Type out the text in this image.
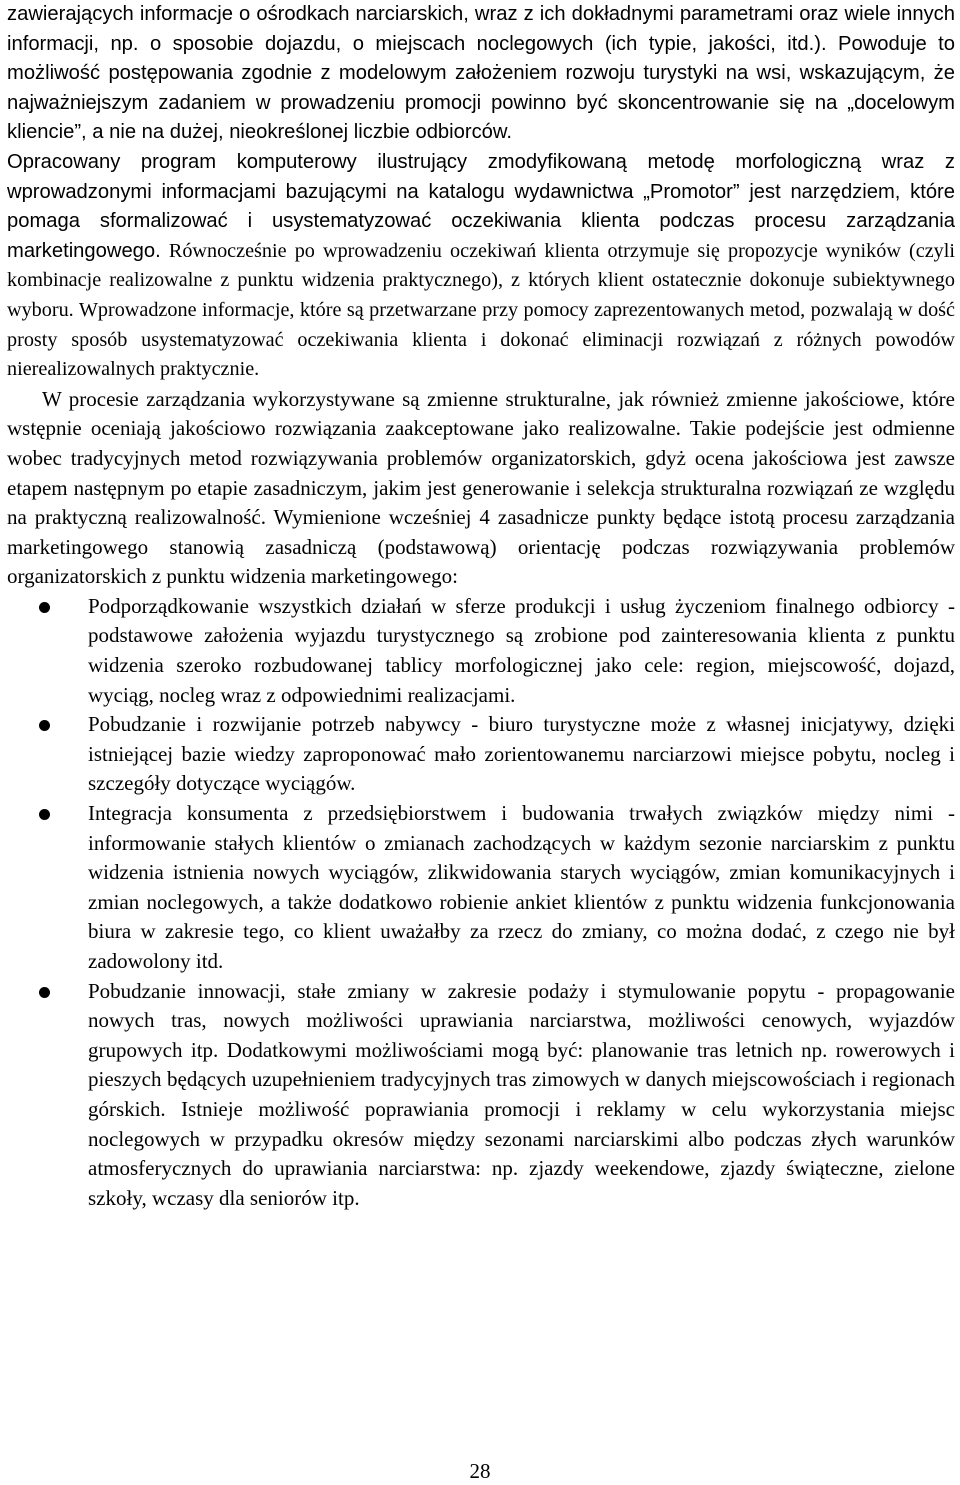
zawierających informacje o ośrodkach narciarskich, wraz z ich dokładnymi parametrami oraz wiele innych informacji, np. o sposobie dojazdu, o miejscach noclegowych (ich typie, jakości, itd.). Powoduje to możliwość postępowania zgodnie z modelowym założeniem rozwoju turystyki na wsi, wskazującym, że najważniejszym zadaniem w prowadzeniu promocji powinno być skoncentrowanie się na „docelowym kliencie”, a nie na dużej, nieokreślonej liczbie odbiorców.

Opracowany program komputerowy ilustrujący zmodyfikowaną metodę morfologiczną wraz z wprowadzonymi informacjami bazującymi na katalogu wydawnictwa „Promotor” jest narzędziem, które pomaga sformalizować i usystematyzować oczekiwania klienta podczas procesu zarządzania marketingowego. Równocześnie po wprowadzeniu oczekiwań klienta otrzymuje się propozycje wyników (czyli kombinacje realizowalne z punktu widzenia praktycznego), z których klient ostatecznie dokonuje subiektywnego wyboru. Wprowadzone informacje, które są przetwarzane przy pomocy zaprezentowanych metod, pozwalają w dość prosty sposób usystematyzować oczekiwania klienta i dokonać eliminacji rozwiązań z różnych powodów nierealizowalnych praktycznie.

W procesie zarządzania wykorzystywane są zmienne strukturalne, jak również zmienne jakościowe, które wstępnie oceniają jakościowo rozwiązania zaakceptowane jako realizowalne. Takie podejście jest odmienne wobec tradycyjnych metod rozwiązywania problemów organizatorskich, gdyż ocena jakościowa jest zawsze etapem następnym po etapie zasadniczym, jakim jest generowanie i selekcja strukturalna rozwiązań ze względu na praktyczną realizowalność. Wymienione wcześniej 4 zasadnicze punkty będące istotą procesu zarządzania marketingowego stanowią zasadniczą (podstawową) orientację podczas rozwiązywania problemów organizatorskich z punktu widzenia marketingowego:

Podporządkowanie wszystkich działań w sferze produkcji i usług życzeniom finalnego odbiorcy - podstawowe założenia wyjazdu turystycznego są zrobione pod zainteresowania klienta z punktu widzenia szeroko rozbudowanej tablicy morfologicznej jako cele: region, miejscowość, dojazd, wyciąg, nocleg wraz z odpowiednimi realizacjami.
Pobudzanie i rozwijanie potrzeb nabywcy - biuro turystyczne może z własnej inicjatywy, dzięki istniejącej bazie wiedzy zaproponować mało zorientowanemu narciarzowi miejsce pobytu, nocleg i szczegóły dotyczące wyciągów.
Integracja konsumenta z przedsiębiorstwem i budowania trwałych związków między nimi - informowanie stałych klientów o zmianach zachodzących w każdym sezonie narciarskim z punktu widzenia istnienia nowych wyciągów, zlikwidowania starych wyciągów, zmian komunikacyjnych i zmian noclegowych, a także dodatkowo robienie ankiet klientów z punktu widzenia funkcjonowania biura w zakresie tego, co klient uważałby za rzecz do zmiany, co można dodać, z czego nie był zadowolony itd.
Pobudzanie innowacji, stałe zmiany w zakresie podaży i stymulowanie popytu - propagowanie nowych tras, nowych możliwości uprawiania narciarstwa, możliwości cenowych, wyjazdów grupowych itp. Dodatkowymi możliwościami mogą być: planowanie tras letnich np. rowerowych i pieszych będących uzupełnieniem tradycyjnych tras zimowych w danych miejscowościach i regionach górskich. Istnieje możliwość poprawiania promocji i reklamy w celu wykorzystania miejsc noclegowych w przypadku okresów między sezonami narciarskimi albo podczas złych warunków atmosferycznych do uprawiania narciarstwa: np. zjazdy weekendowe, zjazdy świąteczne, zielone szkoły, wczasy dla seniorów itp.
28
